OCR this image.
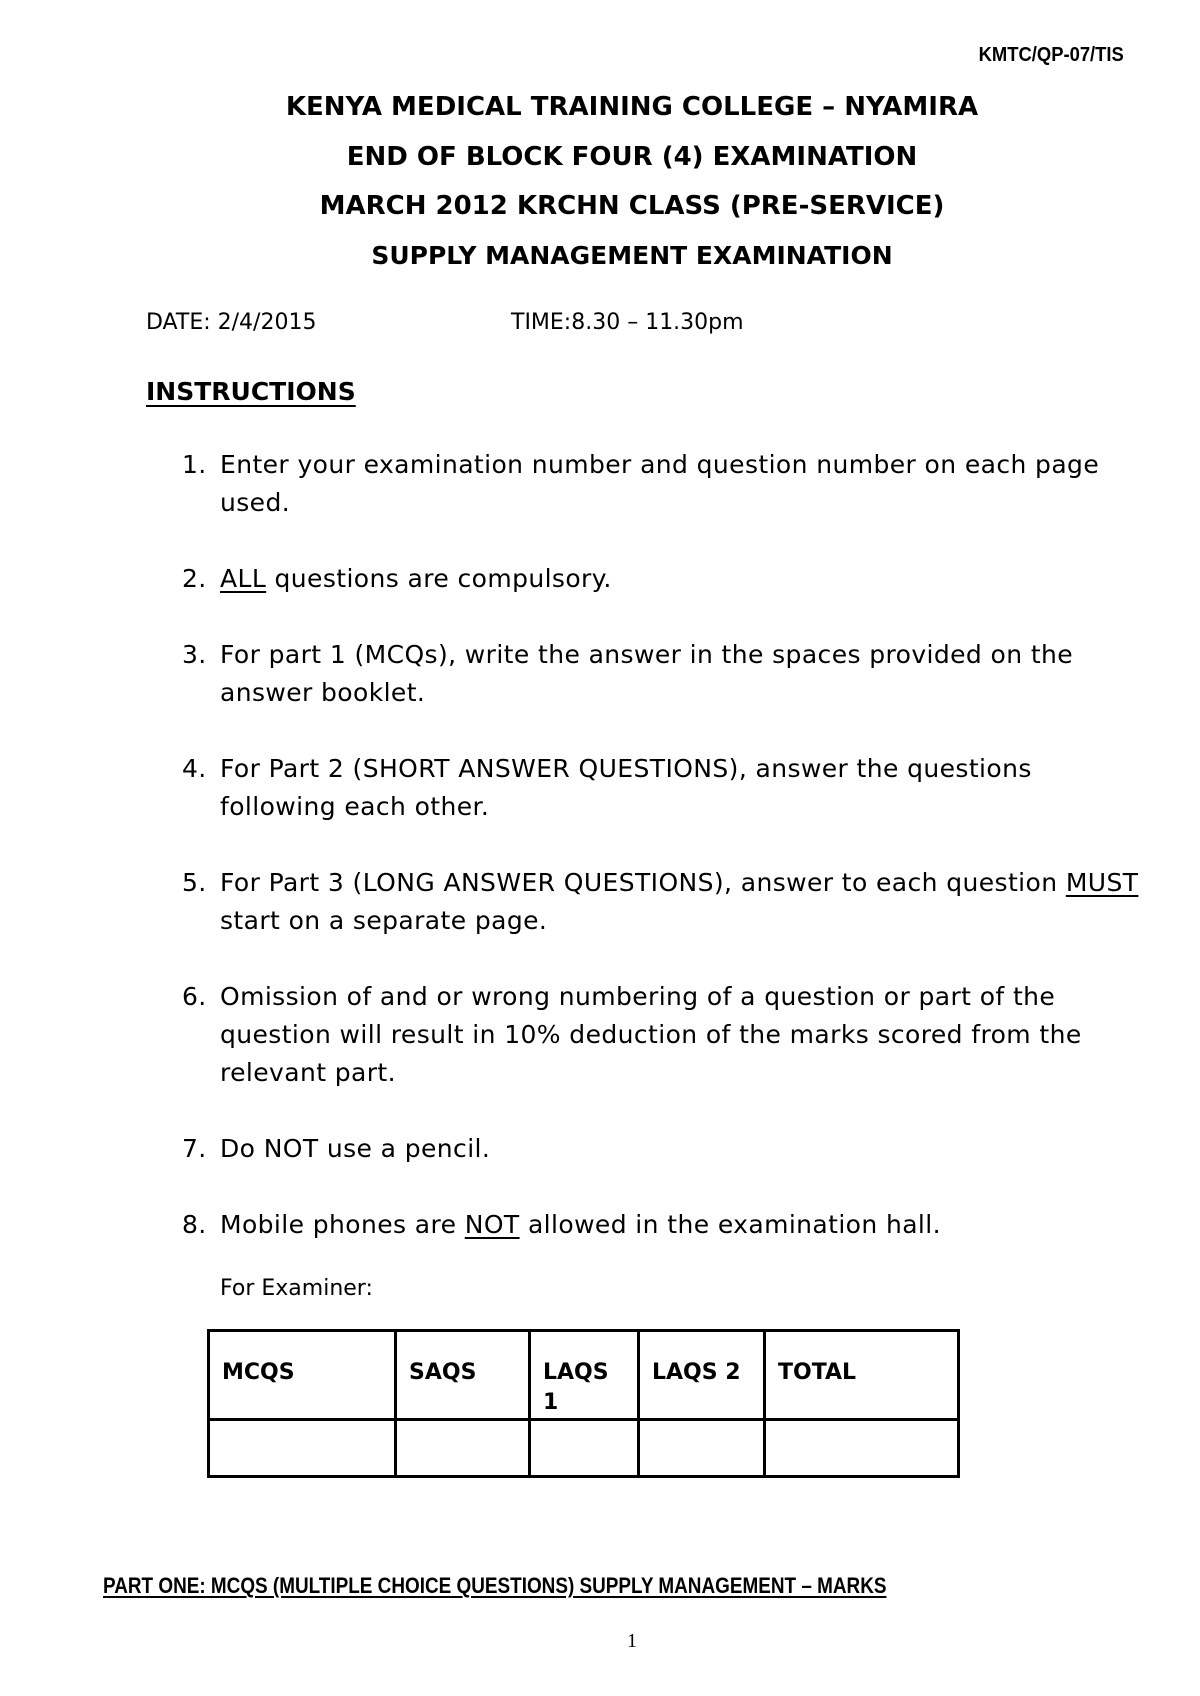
KMTC/QP-07/TIS
KENYA MEDICAL TRAINING COLLEGE – NYAMIRA
END OF BLOCK FOUR (4) EXAMINATION
MARCH 2012 KRCHN CLASS (PRE-SERVICE)
SUPPLY MANAGEMENT EXAMINATION
DATE: 2/4/2015	TIME:8.30 – 11.30pm
INSTRUCTIONS
1. Enter your examination number and question number on each page used.
2. ALL questions are compulsory.
3. For part 1 (MCQs), write the answer in the spaces provided on the answer booklet.
4. For Part 2 (SHORT ANSWER QUESTIONS), answer the questions following each other.
5. For Part 3 (LONG ANSWER QUESTIONS), answer to each question MUST start on a separate page.
6. Omission of and or wrong numbering of a question or part of the question will result in 10% deduction of the marks scored from the relevant part.
7. Do NOT use a pencil.
8. Mobile phones are NOT allowed in the examination hall.
For Examiner:
MCQS	SAQS	LAQS 1	LAQS 2	TOTAL

PART ONE: MCQS (MULTIPLE CHOICE QUESTIONS) SUPPLY MANAGEMENT – MARKS
1
